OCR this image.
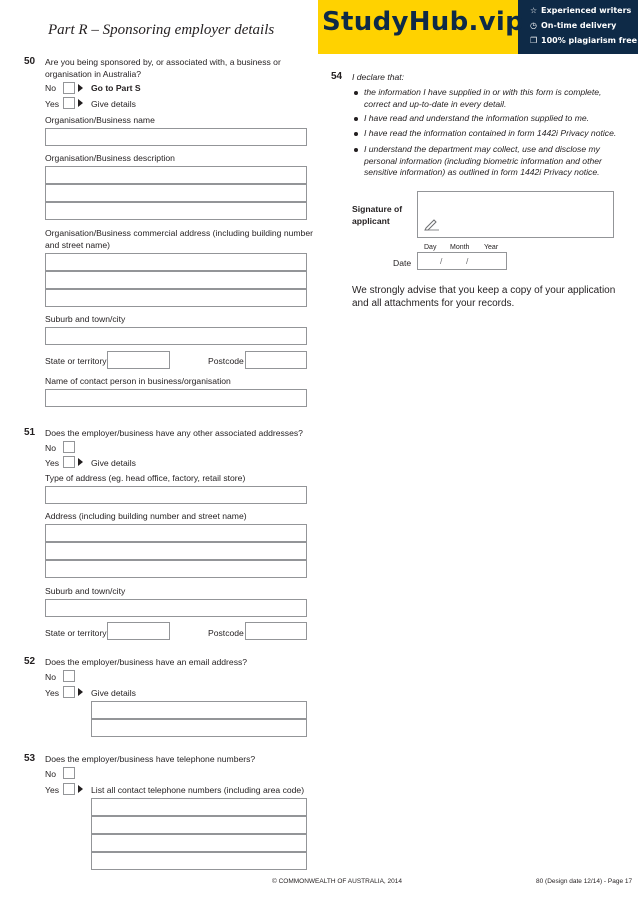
StudyHub.vip ☆ Experienced writers
◷ On-time delivery
❐ 100% plagiarism free
Part R – Sponsoring employer details
50 Are you being sponsored by, or associated with, a business or
organisation in Australia?
No	Go to Part S
Yes	Give details
Organisation/Business name
Organisation/Business description
Organisation/Business commercial address (including building number
and street name)
Suburb and town/city
State or territory	Postcode
Name of contact person in business/organisation
51 Does the employer/business have any other associated addresses?
No
Yes	Give details
Type of address (eg. head office, factory, retail store)
Address (including building number and street name)
Suburb and town/city
State or territory	Postcode
52 Does the employer/business have an email address?
No
Yes	Give details
53 Does the employer/business have telephone numbers?
No
Yes	List all contact telephone numbers (including area code)
54 I declare that:
the information I have supplied in or with this form is complete,
correct and up-to-date in every detail.
I have read and understand the information supplied to me.
I have read the information contained in form 1442i Privacy notice.
I understand the department may collect, use and disclose my
personal information (including biometric information and other
sensitive information) as outlined in form 1442i Privacy notice.
Signature of
applicant
Day Month Year
Date	/	/
We strongly advise that you keep a copy of your application
and all attachments for your records.
© COMMONWEALTH OF AUSTRALIA, 2014	80 (Design date 12/14) - Page 17
